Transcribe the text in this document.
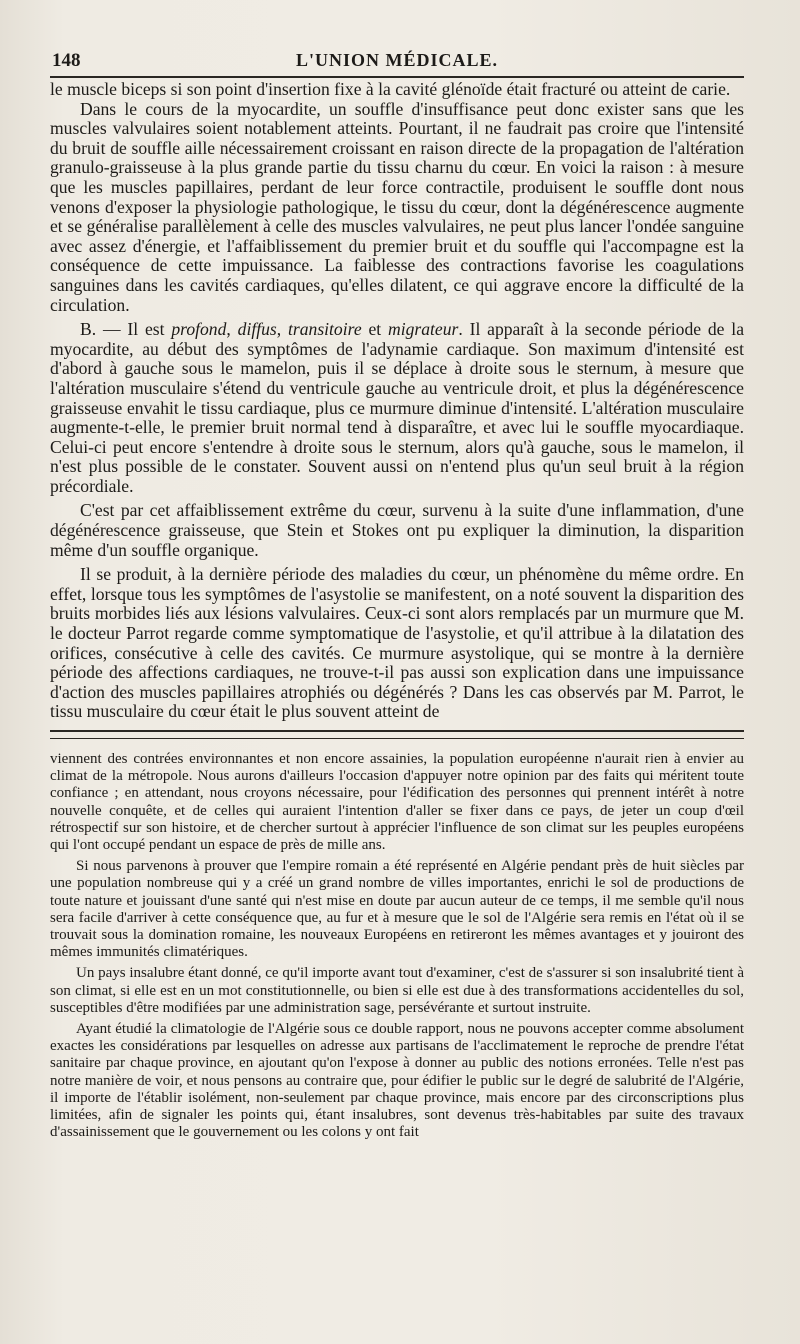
148	L'UNION MÉDICALE.

le muscle biceps si son point d'insertion fixe à la cavité glénoïde était fracturé ou atteint de carie.

Dans le cours de la myocardite, un souffle d'insuffisance peut donc exister sans que les muscles valvulaires soient notablement atteints. Pourtant, il ne faudrait pas croire que l'intensité du bruit de souffle aille nécessairement croissant en raison directe de la propagation de l'altération granulo-graisseuse à la plus grande partie du tissu charnu du cœur. En voici la raison : à mesure que les muscles papillaires, perdant de leur force contractile, produisent le souffle dont nous venons d'exposer la physiologie pathologique, le tissu du cœur, dont la dégénérescence augmente et se généralise parallèlement à celle des muscles valvulaires, ne peut plus lancer l'ondée sanguine avec assez d'énergie, et l'affaiblissement du premier bruit et du souffle qui l'accompagne est la conséquence de cette impuissance. La faiblesse des contractions favorise les coagulations sanguines dans les cavités cardiaques, qu'elles dilatent, ce qui aggrave encore la difficulté de la circulation.

B. — Il est profond, diffus, transitoire et migrateur. Il apparaît à la seconde période de la myocardite, au début des symptômes de l'adynamie cardiaque. Son maximum d'intensité est d'abord à gauche sous le mamelon, puis il se déplace à droite sous le sternum, à mesure que l'altération musculaire s'étend du ventricule gauche au ventricule droit, et plus la dégénérescence graisseuse envahit le tissu cardiaque, plus ce murmure diminue d'intensité. L'altération musculaire augmente-t-elle, le premier bruit normal tend à disparaître, et avec lui le souffle myocardiaque. Celui-ci peut encore s'entendre à droite sous le sternum, alors qu'à gauche, sous le mamelon, il n'est plus possible de le constater. Souvent aussi on n'entend plus qu'un seul bruit à la région précordiale.

C'est par cet affaiblissement extrême du cœur, survenu à la suite d'une inflammation, d'une dégénérescence graisseuse, que Stein et Stokes ont pu expliquer la diminution, la disparition même d'un souffle organique.

Il se produit, à la dernière période des maladies du cœur, un phénomène du même ordre. En effet, lorsque tous les symptômes de l'asystolie se manifestent, on a noté souvent la disparition des bruits morbides liés aux lésions valvulaires. Ceux-ci sont alors remplacés par un murmure que M. le docteur Parrot regarde comme symptomatique de l'asystolie, et qu'il attribue à la dilatation des orifices, consécutive à celle des cavités. Ce murmure asystolique, qui se montre à la dernière période des affections cardiaques, ne trouve-t-il pas aussi son explication dans une impuissance d'action des muscles papillaires atrophiés ou dégénérés ? Dans les cas observés par M. Parrot, le tissu musculaire du cœur était le plus souvent atteint de

viennent des contrées environnantes et non encore assainies, la population européenne n'aurait rien à envier au climat de la métropole. Nous aurons d'ailleurs l'occasion d'appuyer notre opinion par des faits qui méritent toute confiance ; en attendant, nous croyons nécessaire, pour l'édification des personnes qui prennent intérêt à notre nouvelle conquête, et de celles qui auraient l'intention d'aller se fixer dans ce pays, de jeter un coup d'œil rétrospectif sur son histoire, et de chercher surtout à apprécier l'influence de son climat sur les peuples européens qui l'ont occupé pendant un espace de près de mille ans.

Si nous parvenons à prouver que l'empire romain a été représenté en Algérie pendant près de huit siècles par une population nombreuse qui y a créé un grand nombre de villes importantes, enrichi le sol de productions de toute nature et jouissant d'une santé qui n'est mise en doute par aucun auteur de ce temps, il me semble qu'il nous sera facile d'arriver à cette conséquence que, au fur et à mesure que le sol de l'Algérie sera remis en l'état où il se trouvait sous la domination romaine, les nouveaux Européens en retireront les mêmes avantages et y jouiront des mêmes immunités climatériques.

Un pays insalubre étant donné, ce qu'il importe avant tout d'examiner, c'est de s'assurer si son insalubrité tient à son climat, si elle est en un mot constitutionnelle, ou bien si elle est due à des transformations accidentelles du sol, susceptibles d'être modifiées par une administration sage, persévérante et surtout instruite.

Ayant étudié la climatologie de l'Algérie sous ce double rapport, nous ne pouvons accepter comme absolument exactes les considérations par lesquelles on adresse aux partisans de l'acclimatement le reproche de prendre l'état sanitaire par chaque province, en ajoutant qu'on l'expose à donner au public des notions erronées. Telle n'est pas notre manière de voir, et nous pensons au contraire que, pour édifier le public sur le degré de salubrité de l'Algérie, il importe de l'établir isolément, non-seulement par chaque province, mais encore par des circonscriptions plus limitées, afin de signaler les points qui, étant insalubres, sont devenus très-habitables par suite des travaux d'assainissement que le gouvernement ou les colons y ont fait
